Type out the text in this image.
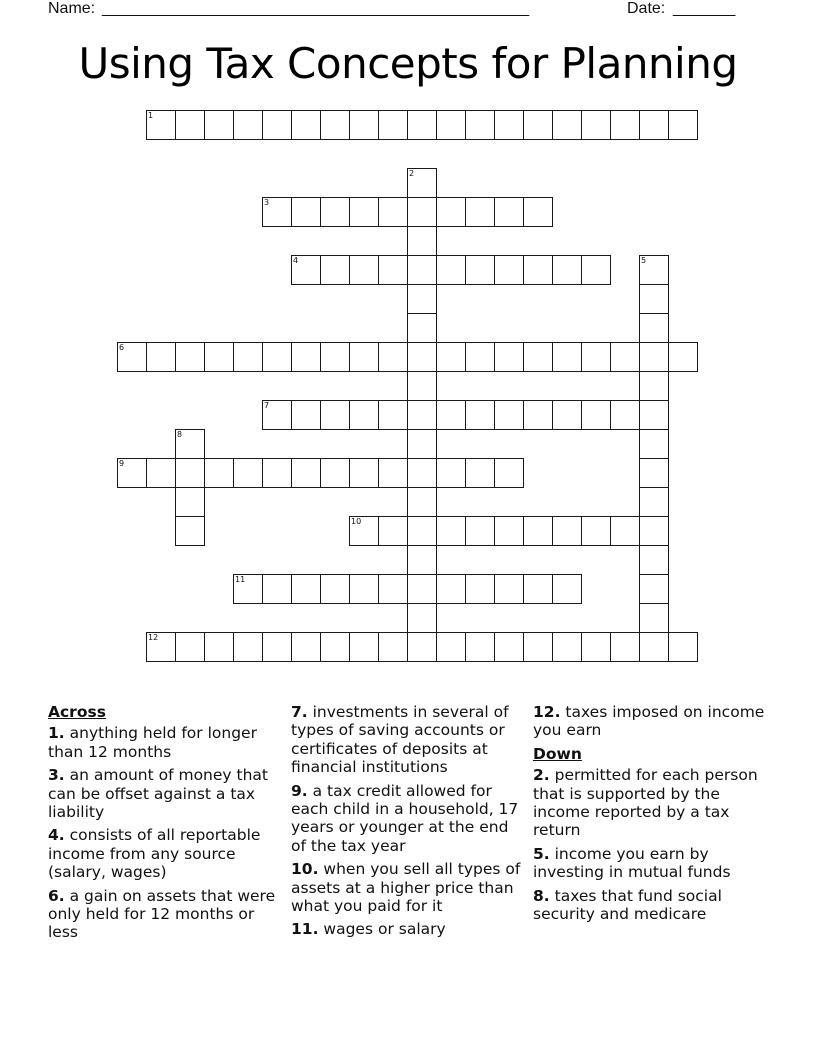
Name: ________________________________________________	Date: _______
Using Tax Concepts for Planning
1
2
3
4	5
6
7
8
9
10
11
12
Across
1. anything held for longer than 12 months
3. an amount of money that can be offset against a tax liability
4. consists of all reportable income from any source (salary, wages)
6. a gain on assets that were only held for 12 months or less
7. investments in several of types of saving accounts or certificates of deposits at financial institutions
9. a tax credit allowed for each child in a household, 17 years or younger at the end of the tax year
10. when you sell all types of assets at a higher price than what you paid for it
11. wages or salary
12. taxes imposed on income you earn
Down
2. permitted for each person that is supported by the income reported by a tax return
5. income you earn by investing in mutual funds
8. taxes that fund social security and medicare
